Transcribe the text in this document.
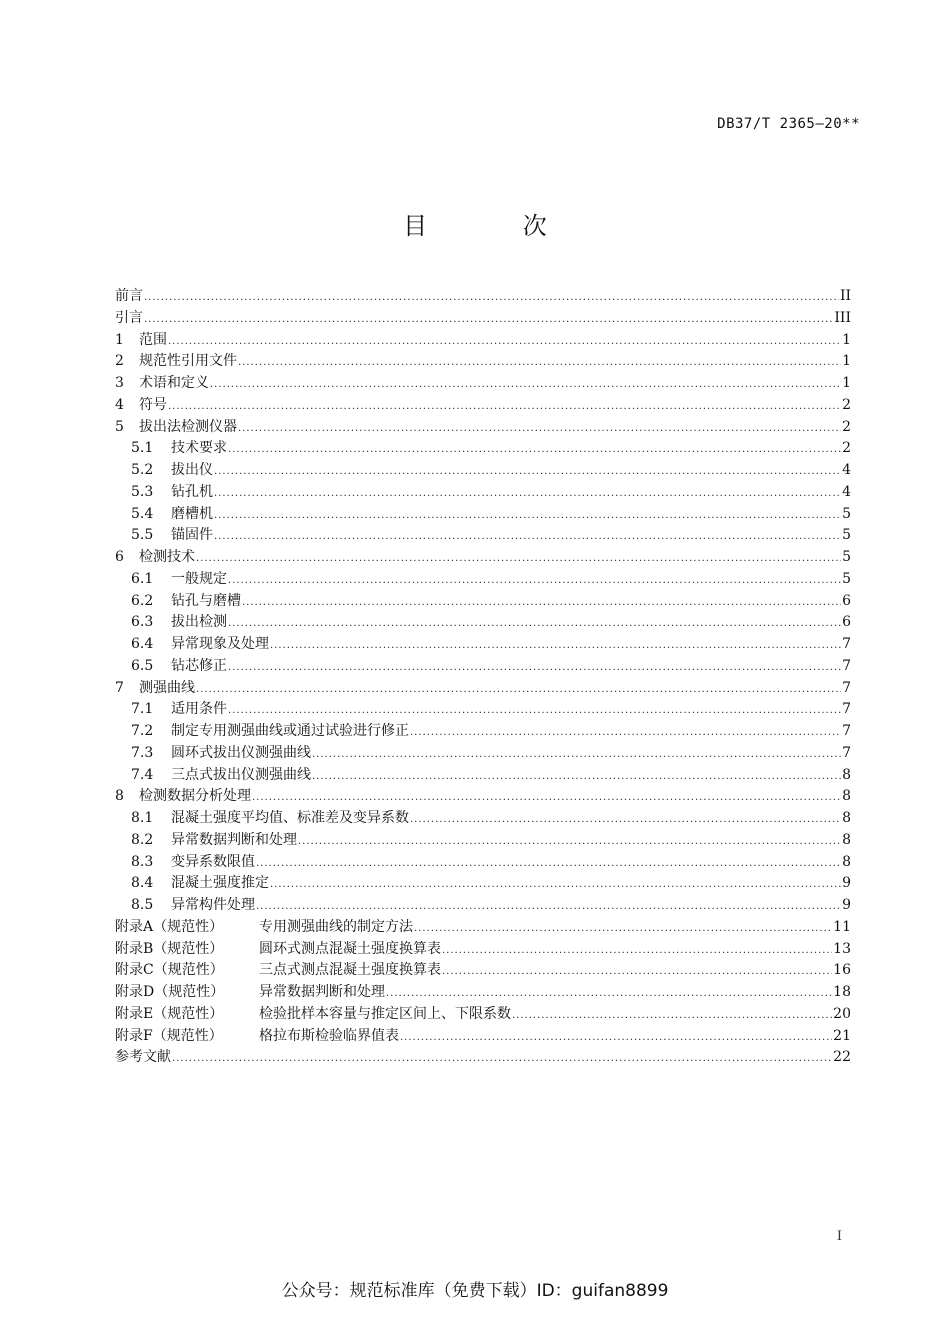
DB37/T 2365—20**
目 次
前言 .....	II
引言 .....	III
1	范围 .....	1
2	规范性引用文件 .....	1
3	术语和定义 .....	1
4	符号 .....	2
5	拔出法检测仪器 .....	2
5.1	技术要求 .....	2
5.2	拔出仪 .....	4
5.3	钻孔机 .....	4
5.4	磨槽机 .....	5
5.5	锚固件 .....	5
6	检测技术 .....	5
6.1	一般规定 .....	5
6.2	钻孔与磨槽 .....	6
6.3	拔出检测 .....	6
6.4	异常现象及处理 .....	7
6.5	钻芯修正 .....	7
7	测强曲线 .....	7
7.1	适用条件 .....	7
7.2	制定专用测强曲线或通过试验进行修正 .....	7
7.3	圆环式拔出仪测强曲线 .....	7
7.4	三点式拔出仪测强曲线 .....	8
8	检测数据分析处理 .....	8
8.1	混凝土强度平均值、标准差及变异系数 .....	8
8.2	异常数据判断和处理 .....	8
8.3	变异系数限值 .....	8
8.4	混凝土强度推定 .....	9
8.5	异常构件处理 .....	9
附录A（规范性）	专用测强曲线的制定方法 .....	11
附录B（规范性）	圆环式测点混凝土强度换算表 .....	13
附录C（规范性）	三点式测点混凝土强度换算表 .....	16
附录D（规范性）	异常数据判断和处理 .....	18
附录E（规范性）	检验批样本容量与推定区间上、下限系数 .....	20
附录F（规范性）	格拉布斯检验临界值表 .....	21
参考文献 .....	22
I
公众号：规范标准库（免费下载）ID：guifan8899
